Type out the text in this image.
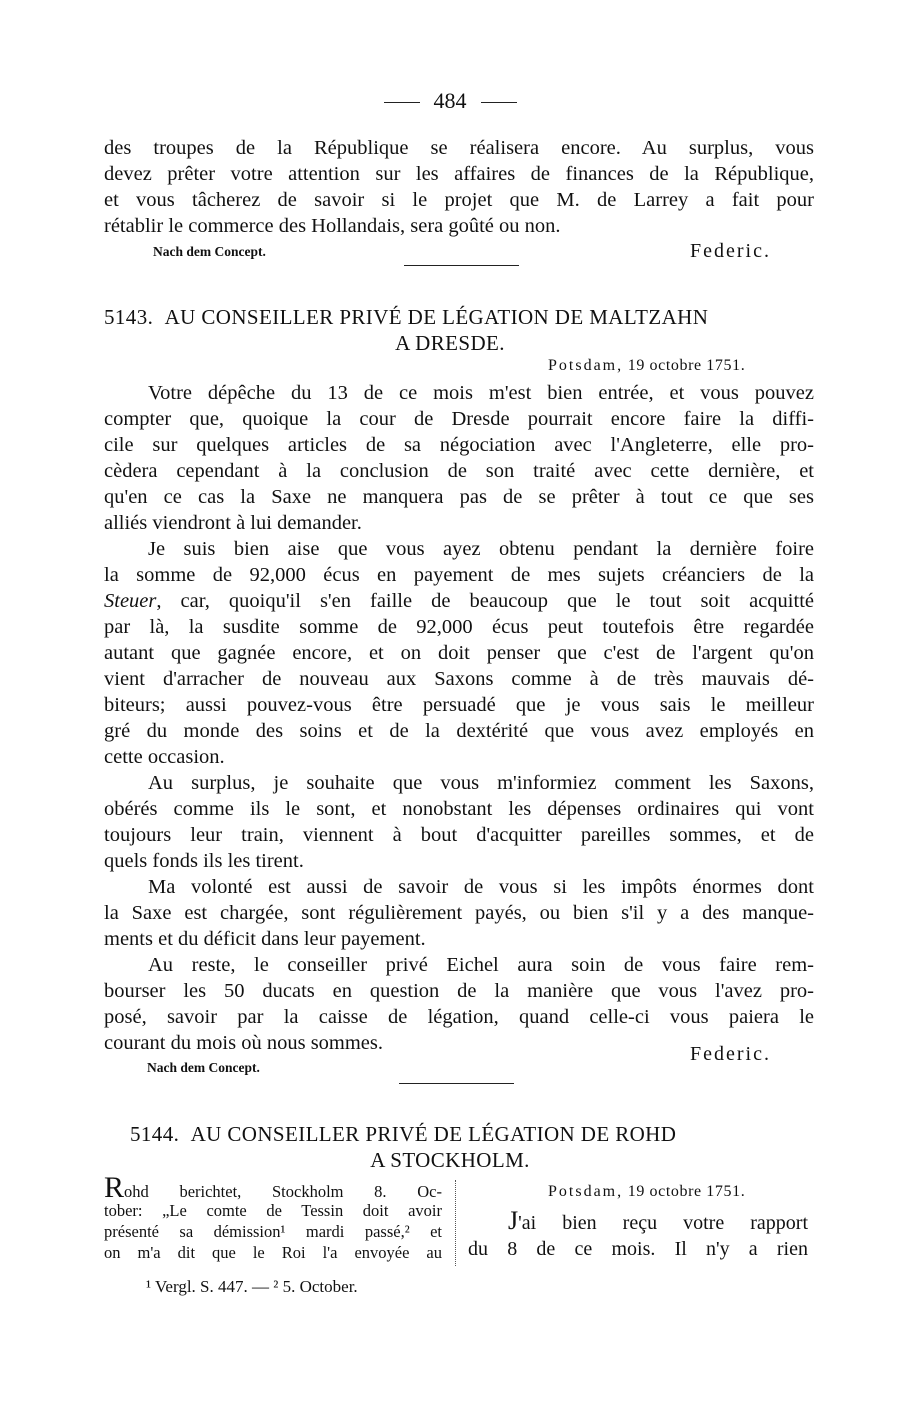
484
des troupes de la République se réalisera encore. Au surplus, vous
devez prêter votre attention sur les affaires de finances de la République,
et vous tâcherez de savoir si le projet que M. de Larrey a fait pour
rétablir le commerce des Hollandais, sera goûté ou non.
Nach dem Concept.	Federic.
5143. AU CONSEILLER PRIVÉ DE LÉGATION DE MALTZAHN
A DRESDE.
Potsdam, 19 octobre 1751.
Votre dépêche du 13 de ce mois m'est bien entrée, et vous pouvez
compter que, quoique la cour de Dresde pourrait encore faire la diffi-
cile sur quelques articles de sa négociation avec l'Angleterre, elle pro-
cèdera cependant à la conclusion de son traité avec cette dernière, et
qu'en ce cas la Saxe ne manquera pas de se prêter à tout ce que ses
alliés viendront à lui demander.
Je suis bien aise que vous ayez obtenu pendant la dernière foire
la somme de 92,000 écus en payement de mes sujets créanciers de la
Steuer, car, quoiqu'il s'en faille de beaucoup que le tout soit acquitté
par là, la susdite somme de 92,000 écus peut toutefois être regardée
autant que gagnée encore, et on doit penser que c'est de l'argent qu'on
vient d'arracher de nouveau aux Saxons comme à de très mauvais dé-
biteurs; aussi pouvez-vous être persuadé que je vous sais le meilleur
gré du monde des soins et de la dextérité que vous avez employés en
cette occasion.
Au surplus, je souhaite que vous m'informiez comment les Saxons,
obérés comme ils le sont, et nonobstant les dépenses ordinaires qui vont
toujours leur train, viennent à bout d'acquitter pareilles sommes, et de
quels fonds ils les tirent.
Ma volonté est aussi de savoir de vous si les impôts énormes dont
la Saxe est chargée, sont régulièrement payés, ou bien s'il y a des manque-
ments et du déficit dans leur payement.
Au reste, le conseiller privé Eichel aura soin de vous faire rem-
bourser les 50 ducats en question de la manière que vous l'avez pro-
posé, savoir par la caisse de légation, quand celle-ci vous paiera le
courant du mois où nous sommes.	Federic.
Nach dem Concept.
5144. AU CONSEILLER PRIVÉ DE LÉGATION DE ROHD
A STOCKHOLM.
Rohd berichtet, Stockholm 8. Oc-
tober: „Le comte de Tessin doit avoir
présenté sa démission¹ mardi passé,² et
on m'a dit que le Roi l'a envoyée au
Potsdam, 19 octobre 1751.
J'ai bien reçu votre rapport
du 8 de ce mois. Il n'y a rien
¹ Vergl. S. 447. — ² 5. October.
